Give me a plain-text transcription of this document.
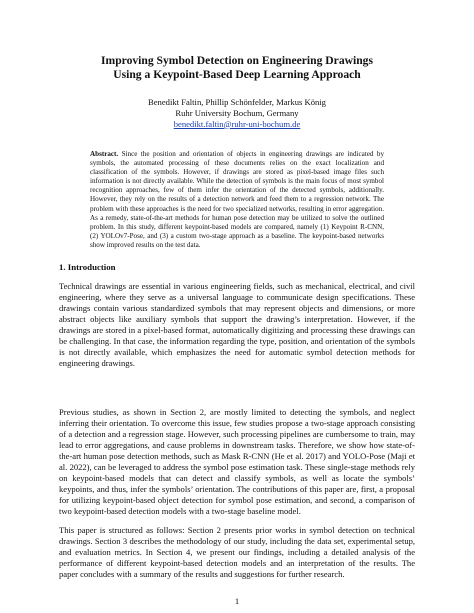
Improving Symbol Detection on Engineering Drawings
Using a Keypoint-Based Deep Learning Approach
Benedikt Faltin, Phillip Schönfelder, Markus König
Ruhr University Bochum, Germany
benedikt.faltin@ruhr-uni-bochum.de
Abstract. Since the position and orientation of objects in engineering drawings are indicated by symbols, the automated processing of these documents relies on the exact localization and classification of the symbols. However, if drawings are stored as pixel-based image files such information is not directly available. While the detection of symbols is the main focus of most symbol recognition approaches, few of them infer the orientation of the detected symbols, additionally. However, they rely on the results of a detection network and feed them to a regression network. The problem with these approaches is the need for two specialized networks, resulting in error aggregation. As a remedy, state-of-the-art methods for human pose detection may be utilized to solve the outlined problem. In this study, different keypoint-based models are compared, namely (1) Keypoint R-CNN, (2) YOLOv7-Pose, and (3) a custom two-stage approach as a baseline. The keypoint-based networks show improved results on the test data.
1. Introduction
Technical drawings are essential in various engineering fields, such as mechanical, electrical, and civil engineering, where they serve as a universal language to communicate design specifications. These drawings contain various standardized symbols that may represent objects and dimensions, or more abstract objects like auxiliary symbols that support the drawing’s interpretation. However, if the drawings are stored in a pixel-based format, automatically digitizing and processing these drawings can be challenging. In that case, the information regarding the type, position, and orientation of the symbols is not directly available, which emphasizes the need for automatic symbol detection methods for engineering drawings.
Previous studies, as shown in Section 2, are mostly limited to detecting the symbols, and neglect inferring their orientation. To overcome this issue, few studies propose a two-stage approach consisting of a detection and a regression stage. However, such processing pipelines are cumbersome to train, may lead to error aggregations, and cause problems in downstream tasks. Therefore, we show how state-of-the-art human pose detection methods, such as Mask R-CNN (He et al. 2017) and YOLO-Pose (Maji et al. 2022), can be leveraged to address the symbol pose estimation task. These single-stage methods rely on keypoint-based models that can detect and classify symbols, as well as locate the symbols’ keypoints, and thus, infer the symbols’ orientation. The contributions of this paper are, first, a proposal for utilizing keypoint-based object detection for symbol pose estimation, and second, a comparison of two keypoint-based detection models with a two-stage baseline model.
This paper is structured as follows: Section 2 presents prior works in symbol detection on technical drawings. Section 3 describes the methodology of our study, including the data set, experimental setup, and evaluation metrics. In Section 4, we present our findings, including a detailed analysis of the performance of different keypoint-based detection models and an interpretation of the results. The paper concludes with a summary of the results and suggestions for further research.
1
